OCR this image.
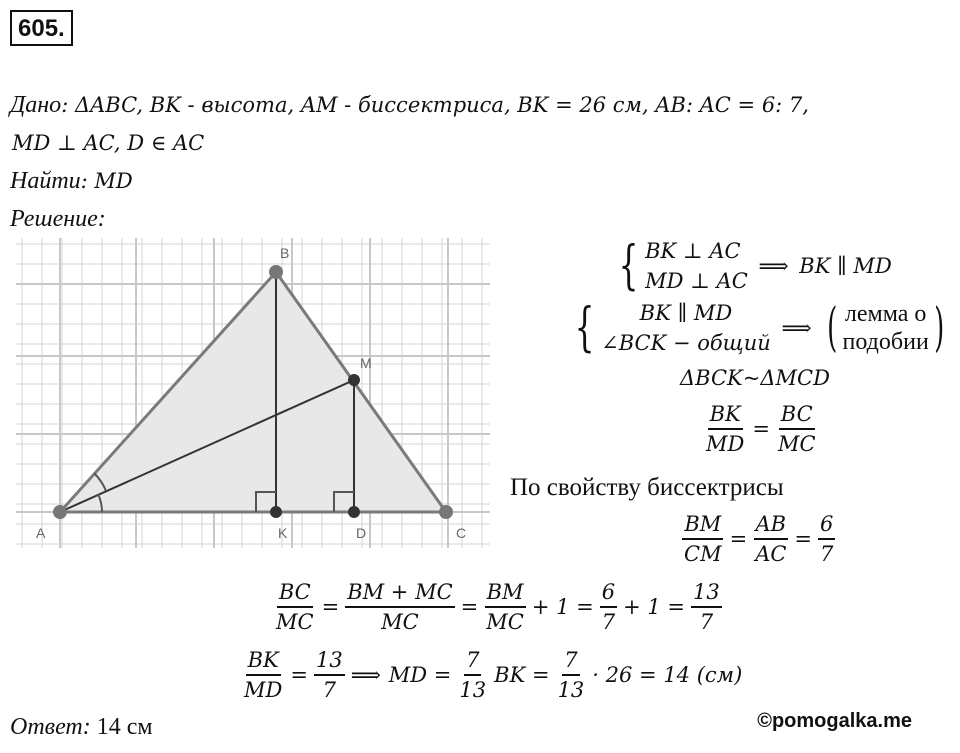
605.
Дано: ΔABC, BK - высота, AM - биссектриса, BK = 26 см, AB: AC = 6: 7,
MD ⊥ AC, D ∈ AC
Найти: MD
Решение:
A
B
C
M
K	D
{ BK ⊥ AC
MD ⊥ AC
⟹ BK ∥ MD
{ BK ∥ MD
∠BCK − общий
⟹ ( лемма о
подобии )
ΔBCK~ΔMCD
$\frac{BK}{MD} = \frac{BC}{MC}$
По свойству биссектрисы
$\frac{BM}{CM} = \frac{AB}{AC} = \frac{6}{7}$
$\frac{BC}{MC} = \frac{BM + MC}{MC} = \frac{BM}{MC} + 1 = \frac{6}{7} + 1 = \frac{13}{7}$
$\frac{BK}{MD} = \frac{13}{7}$ ⟹ MD = $\frac{7}{13}$ BK = $\frac{7}{13} \cdot 26 = 14$ (см)
Ответ: 14 см	©pomogalka.me
